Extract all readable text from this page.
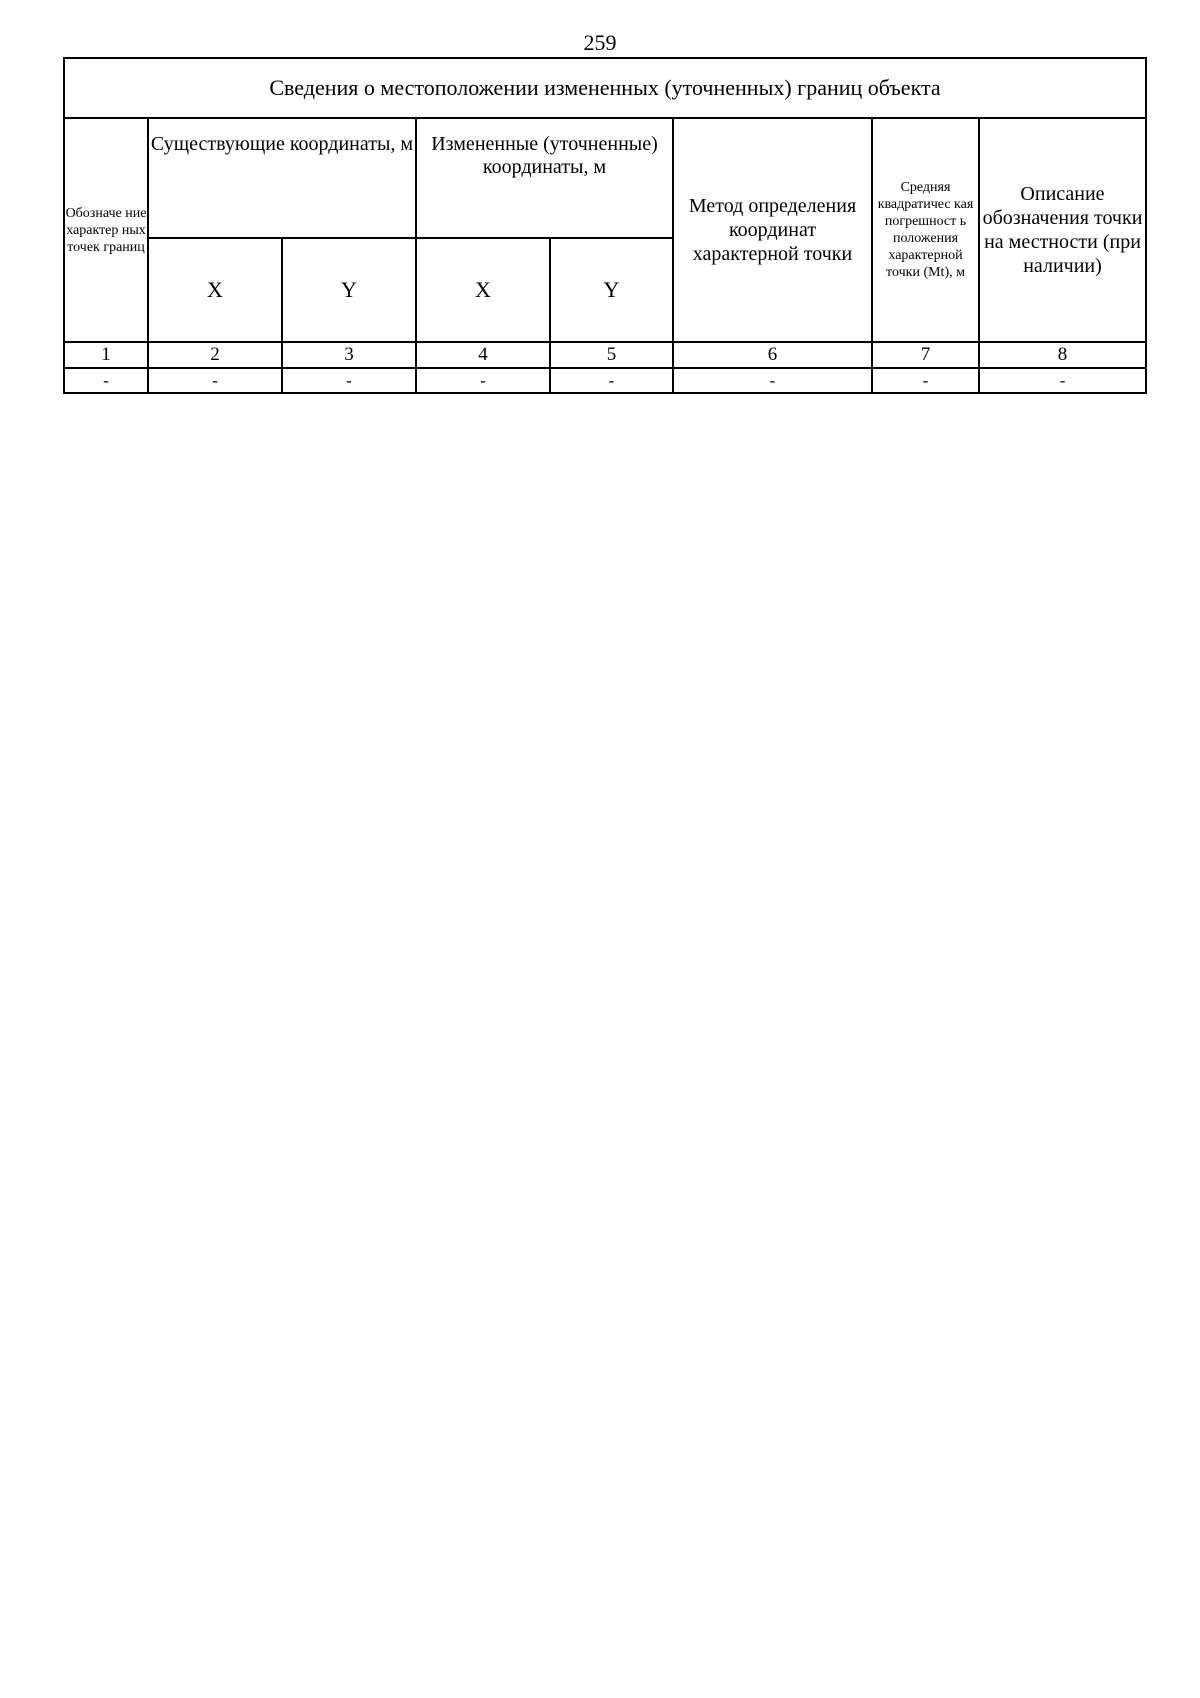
259
Сведения о местоположении измененных (уточненных) границ объекта							
Обозначе ние характер ных точек границ	Существующие координаты, м		Измененные (уточненные) координаты, м		Метод определения координат характерной точки	Средняя квадратичес кая погрешност ь положения характерной точки (Mt), м	Описание обозначения точки на местности (при наличии)
	X	Y	X	Y			
1	2	3	4	5	6	7	8
-	-	-	-	-	-	-	-
